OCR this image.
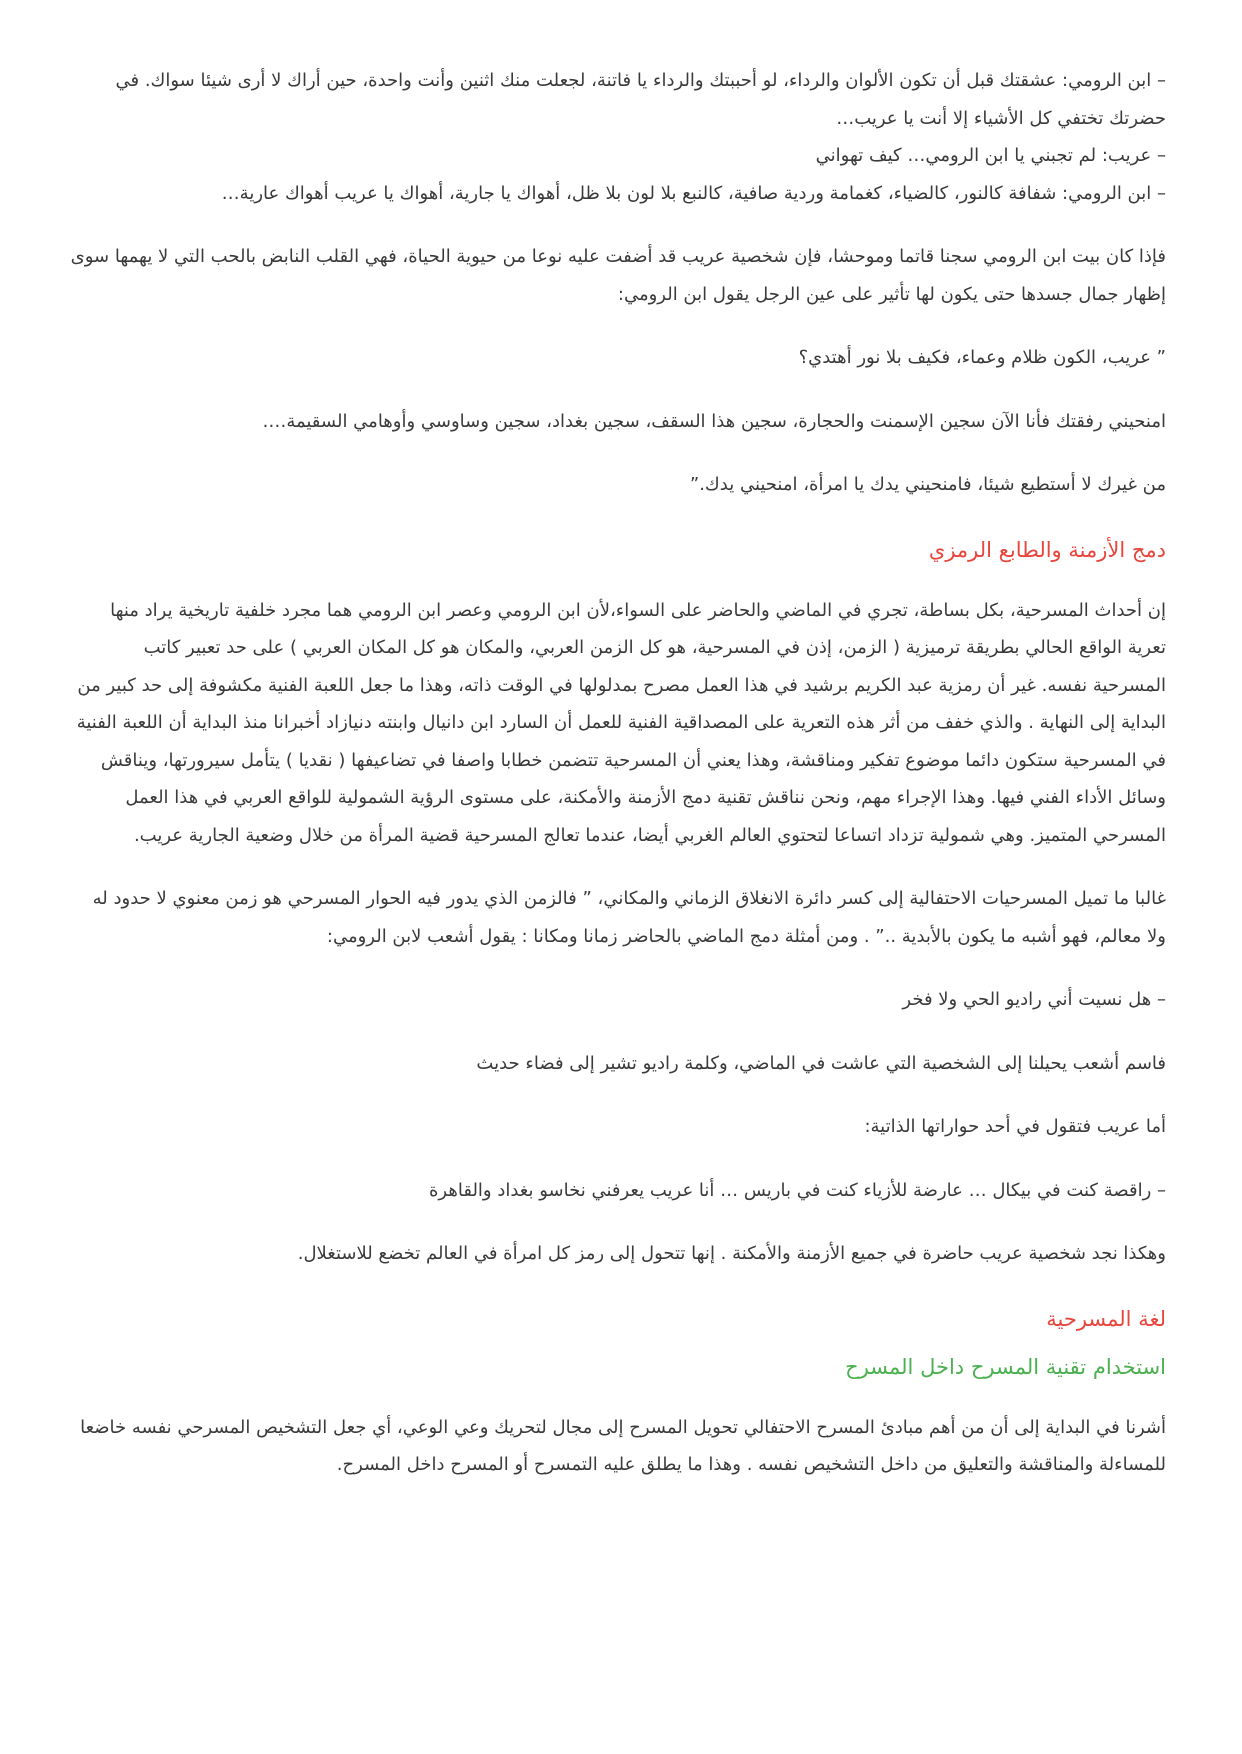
– ابن الرومي: عشقتك قبل أن تكون الألوان والرداء، لو أحببتك والرداء يا فاتنة، لجعلت منك اثنين وأنت واحدة، حين أراك لا أرى شيئا سواك. في حضرتك تختفي كل الأشياء إلا أنت يا عريب…

– عريب: لم تجبني يا ابن الرومي… كيف تهواني

– ابن الرومي: شفافة كالنور، كالضياء، كغمامة وردية صافية، كالنبع بلا لون بلا ظل، أهواك يا جارية، أهواك يا عريب أهواك عارية…

فإذا كان بيت ابن الرومي سجنا قاتما وموحشا، فإن شخصية عريب قد أضفت عليه نوعا من حيوية الحياة، فهي القلب النابض بالحب التي لا يهمها سوى إظهار جمال جسدها حتى يكون لها تأثير على عين الرجل يقول ابن الرومي:

” عريب، الكون ظلام وعماء، فكيف بلا نور أهتدي؟

امنحيني رفقتك فأنا الآن سجين الإسمنت والحجارة، سجين هذا السقف، سجين بغداد، سجين وساوسي وأوهامي السقيمة….

من غيرك لا أستطيع شيئا، فامنحيني يدك يا امرأة، امنحيني يدك.”

دمج الأزمنة والطابع الرمزي

إن أحداث المسرحية، بكل بساطة، تجري في الماضي والحاضر على السواء،لأن ابن الرومي وعصر ابن الرومي هما مجرد خلفية تاريخية يراد منها تعرية الواقع الحالي بطريقة ترميزية ( الزمن، إذن في المسرحية، هو كل الزمن العربي، والمكان هو كل المكان العربي ) على حد تعبير كاتب المسرحية نفسه. غير أن رمزية عبد الكريم برشيد في هذا العمل مصرح بمدلولها في الوقت ذاته، وهذا ما جعل اللعبة الفنية مكشوفة إلى حد كبير من البداية إلى النهاية . والذي خفف من أثر هذه التعرية على المصداقية الفنية للعمل أن السارد ابن دانيال وابنته دنيازاد أخبرانا منذ البداية أن اللعبة الفنية في المسرحية ستكون دائما موضوع تفكير ومناقشة، وهذا يعني أن المسرحية تتضمن خطابا واصفا في تضاعيفها ( نقديا ) يتأمل سيرورتها، ويناقش وسائل الأداء الفني فيها. وهذا الإجراء مهم، ونحن نناقش تقنية دمج الأزمنة والأمكنة، على مستوى الرؤية الشمولية للواقع العربي في هذا العمل المسرحي المتميز. وهي شمولية تزداد اتساعا لتحتوي العالم الغربي أيضا، عندما تعالج المسرحية قضية المرأة من خلال وضعية الجارية عريب.

غالبا ما تميل المسرحيات الاحتفالية إلى كسر دائرة الانغلاق الزماني والمكاني، ” فالزمن الذي يدور فيه الحوار المسرحي هو زمن معنوي لا حدود له ولا معالم، فهو أشبه ما يكون بالأبدية ..” . ومن أمثلة دمج الماضي بالحاضر زمانا ومكانا : يقول أشعب لابن الرومي:

– هل نسيت أني راديو الحي ولا فخر

فاسم أشعب يحيلنا إلى الشخصية التي عاشت في الماضي، وكلمة راديو تشير إلى فضاء حديث

أما عريب فتقول في أحد حواراتها الذاتية:

– راقصة كنت في بيكال … عارضة للأزياء كنت في باريس … أنا عريب يعرفني نخاسو بغداد والقاهرة

وهكذا نجد شخصية عريب حاضرة في جميع الأزمنة والأمكنة . إنها تتحول إلى رمز كل امرأة في العالم تخضع للاستغلال.

لغة المسرحية
استخدام تقنية المسرح داخل المسرح

أشرنا في البداية إلى أن من أهم مبادئ المسرح الاحتفالي تحويل المسرح إلى مجال لتحريك وعي الوعي، أي جعل التشخيص المسرحي نفسه خاضعا للمساءلة والمناقشة والتعليق من داخل التشخيص نفسه . وهذا ما يطلق عليه التمسرح أو المسرح داخل المسرح.
